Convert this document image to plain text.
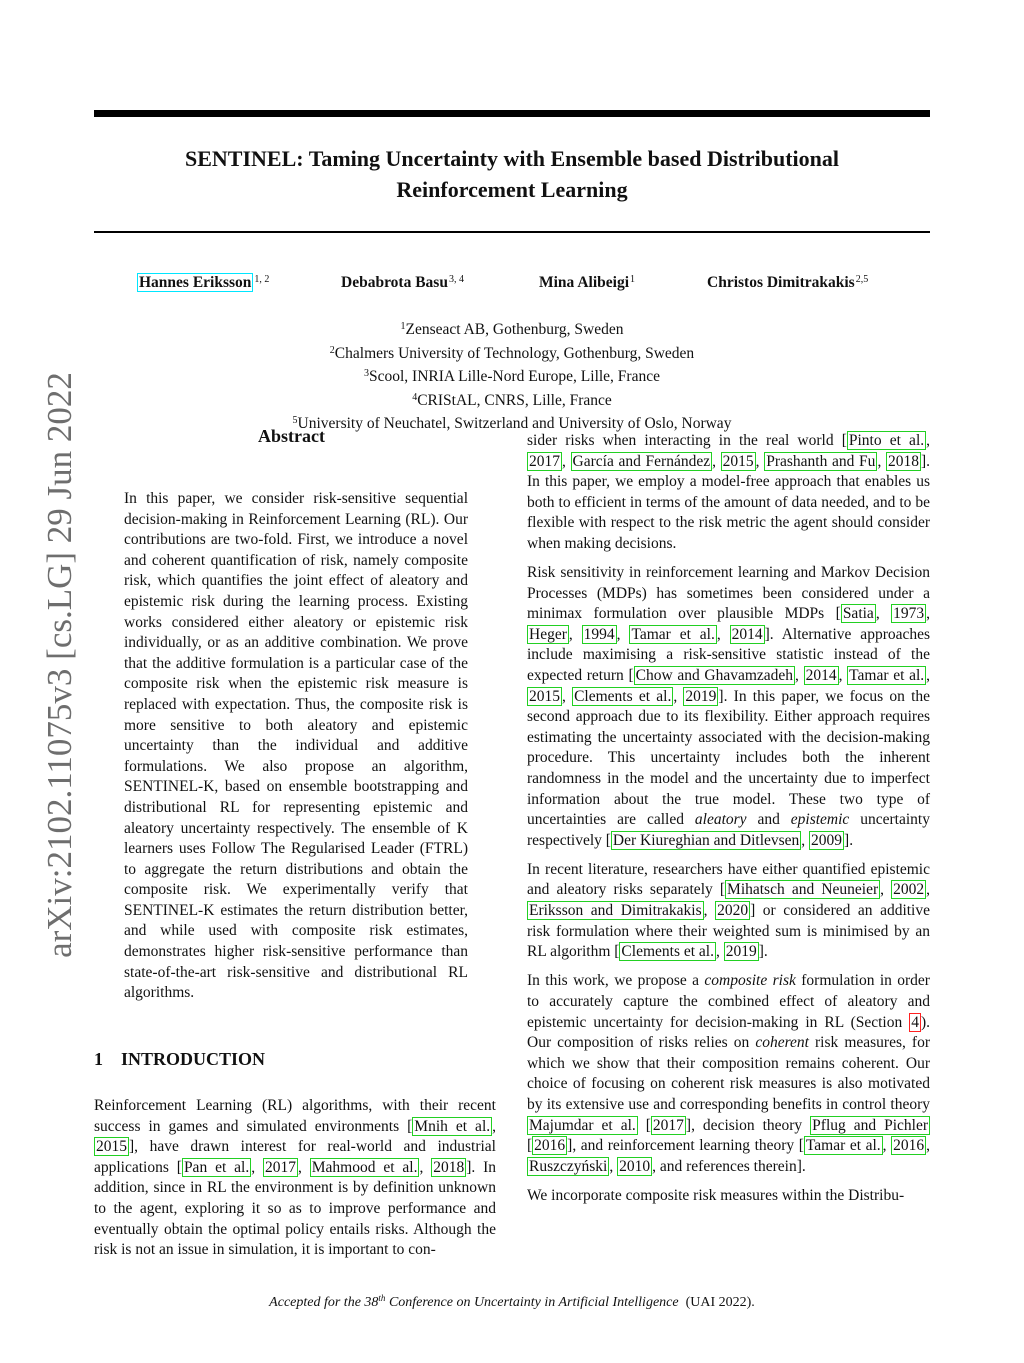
arXiv:2102.11075v3 [cs.LG] 29 Jun 2022
SENTINEL: Taming Uncertainty with Ensemble based Distributional
Reinforcement Learning
Hannes Eriksson $^{1, 2}$	Debabrota Basu$^{3, 4}$	Mina Alibeigi$^1$	Christos Dimitrakakis$^{2,5}$
$^1$Zenseact AB, Gothenburg, Sweden
$^2$Chalmers University of Technology, Gothenburg, Sweden
$^3$Scool, INRIA Lille-Nord Europe, Lille, France
$^4$CRIStAL, CNRS, Lille, France
$^5$University of Neuchatel, Switzerland and University of Oslo, Norway
Abstract

In this paper, we consider risk-sensitive sequential decision-making in Reinforcement Learning (RL). Our contributions are two-fold. First, we introduce a novel and coherent quantification of risk, namely composite risk, which quantifies the joint effect of aleatory and epistemic risk during the learning process. Existing works considered either aleatory or epistemic risk individually, or as an additive combination. We prove that the additive formulation is a particular case of the composite risk when the epistemic risk measure is replaced with expectation. Thus, the composite risk is more sensitive to both aleatory and epistemic uncertainty than the individual and additive formulations. We also propose an algorithm, SENTINEL-K, based on ensemble bootstrapping and distributional RL for representing epistemic and aleatory uncertainty respectively. The ensemble of K learners uses Follow The Regularised Leader (FTRL) to aggregate the return distributions and obtain the composite risk. We experimentally verify that SENTINEL-K estimates the return distribution better, and while used with composite risk estimates, demonstrates higher risk-sensitive performance than state-of-the-art risk-sensitive and distributional RL algorithms.

1 INTRODUCTION

Reinforcement Learning (RL) algorithms, with their recent success in games and simulated environments [ Mnih et al. , 2015 ], have drawn interest for real-world and industrial applications [ Pan et al. , 2017 , Mahmood et al. , 2018 ]. In addition, since in RL the environment is by definition unknown to the agent, exploring it so as to improve performance and eventually obtain the optimal policy entails risks. Although the risk is not an issue in simulation, it is important to con-

sider risks when interacting in the real world [ Pinto et al. , 2017 , García and Fernández , 2015 , Prashanth and Fu , 2018 ]. In this paper, we employ a model-free approach that enables us both to efficient in terms of the amount of data needed, and to be flexible with respect to the risk metric the agent should consider when making decisions.

Risk sensitivity in reinforcement learning and Markov Decision Processes (MDPs) has sometimes been considered under a minimax formulation over plausible MDPs [ Satia , 1973 , Heger , 1994 , Tamar et al. , 2014 ]. Alternative approaches include maximising a risk-sensitive statistic instead of the expected return [ Chow and Ghavamzadeh , 2014 , Tamar et al. , 2015 , Clements et al. , 2019 ]. In this paper, we focus on the second approach due to its flexibility. Either approach requires estimating the uncertainty associated with the decision-making procedure. This uncertainty includes both the inherent randomness in the model and the uncertainty due to imperfect information about the true model. These two type of uncertainties are called aleatory and epistemic uncertainty respectively [ Der Kiureghian and Ditlevsen , 2009 ].

In recent literature, researchers have either quantified epistemic and aleatory risks separately [ Mihatsch and Neuneier , 2002 , Eriksson and Dimitrakakis , 2020 ] or considered an additive risk formulation where their weighted sum is minimised by an RL algorithm [ Clements et al. , 2019 ].

In this work, we propose a composite risk formulation in order to accurately capture the combined effect of aleatory and epistemic uncertainty for decision-making in RL (Section 4 ). Our composition of risks relies on coherent risk measures, for which we show that their composition remains coherent. Our choice of focusing on coherent risk measures is also motivated by its extensive use and corresponding benefits in control theory Majumdar et al. [ 2017 ], decision theory Pflug and Pichler [ 2016 ], and reinforcement learning theory [ Tamar et al. , 2016 , Ruszczyński , 2010 , and references therein].

We incorporate composite risk measures within the Distribu-

Accepted for the 38th Conference on Uncertainty in Artificial Intelligence (UAI 2022).
